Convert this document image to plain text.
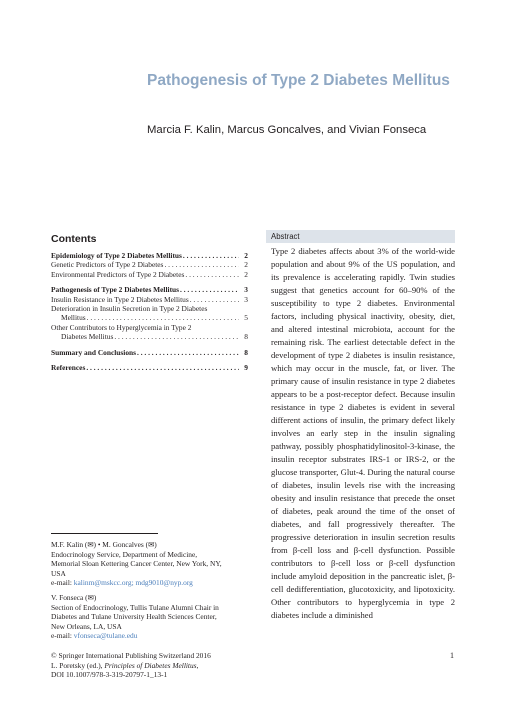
Pathogenesis of Type 2 Diabetes Mellitus
Marcia F. Kalin, Marcus Goncalves, and Vivian Fonseca
Contents
Epidemiology of Type 2 Diabetes Mellitus . . .	2
Genetic Predictors of Type 2 Diabetes . . .	2
Environmental Predictors of Type 2 Diabetes . . .	2
Pathogenesis of Type 2 Diabetes Mellitus . . .	3
Insulin Resistance in Type 2 Diabetes Mellitus . . .	3
Deterioration in Insulin Secretion in Type 2 Diabetes
Mellitus . . .	5
Other Contributors to Hyperglycemia in Type 2
Diabetes Mellitus . . .	8
Summary and Conclusions . . .	8
References . . .	9
Abstract

Type 2 diabetes affects about 3% of the world-wide population and about 9% of the US population, and its prevalence is accelerating rapidly. Twin studies suggest that genetics account for 60–90% of the susceptibility to type 2 diabetes. Environmental factors, including physical inactivity, obesity, diet, and altered intestinal microbiota, account for the remaining risk. The earliest detectable defect in the development of type 2 diabetes is insulin resistance, which may occur in the muscle, fat, or liver. The primary cause of insulin resistance in type 2 diabetes appears to be a post-receptor defect. Because insulin resistance in type 2 diabetes is evident in several different actions of insulin, the primary defect likely involves an early step in the insulin signaling pathway, possibly phosphatidylinositol-3-kinase, the insulin receptor substrates IRS-1 or IRS-2, or the glucose transporter, Glut-4. During the natural course of diabetes, insulin levels rise with the increasing obesity and insulin resistance that precede the onset of diabetes, peak around the time of the onset of diabetes, and fall progressively thereafter. The progressive deterioration in insulin secretion results from β-cell loss and β-cell dysfunction. Possible contributors to β-cell loss or β-cell dysfunction include amyloid deposition in the pancreatic islet, β-cell dedifferentiation, glucotoxicity, and lipotoxicity. Other contributors to hyperglycemia in type 2 diabetes include a diminished

M.F. Kalin (✉) • M. Goncalves (✉)

Endocrinology Service, Department of Medicine,

Memorial Sloan Kettering Cancer Center, New York, NY,

USA

e-mail: kalinm@mskcc.org; mdg9010@nyp.org

V. Fonseca (✉)

Section of Endocrinology, Tullis Tulane Alumni Chair in

Diabetes and Tulane University Health Sciences Center,

New Orleans, LA, USA

e-mail: vfonseca@tulane.edu

© Springer International Publishing Switzerland 2016

L. Poretsky (ed.), Principles of Diabetes Mellitus,

DOI 10.1007/978-3-319-20797-1_13-1

1
